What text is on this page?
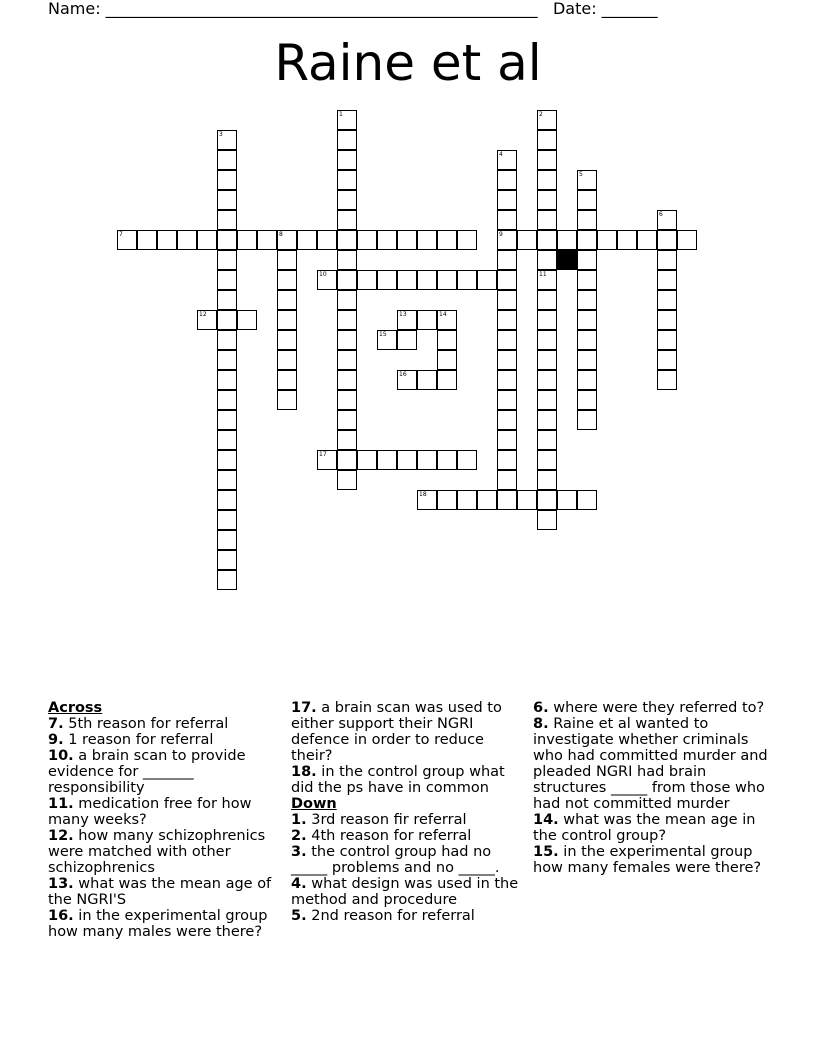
Name: ______________________________________________________ Date: _______
Raine et al
1	2
11
3
4
9
5
6
7	8
10
12	13	14
15
16
17
18
Across
7. 5th reason for referral
9. 1 reason for referral
10. a brain scan to provide evidence for _______ responsibility
11. medication free for how many weeks?
12. how many schizophrenics were matched with other schizophrenics
13. what was the mean age of the NGRI'S
16. in the experimental group how many males were there?
17. a brain scan was used to either support their NGRI defence in order to reduce their?
18. in the control group what did the ps have in common
Down
1. 3rd reason fir referral
2. 4th reason for referral
3. the control group had no _____ problems and no _____.
4. what design was used in the method and procedure
5. 2nd reason for referral
6. where were they referred to?
8. Raine et al wanted to investigate whether criminals who had committed murder and pleaded NGRI had brain structures _____ from those who had not committed murder
14. what was the mean age in the control group?
15. in the experimental group how many females were there?
